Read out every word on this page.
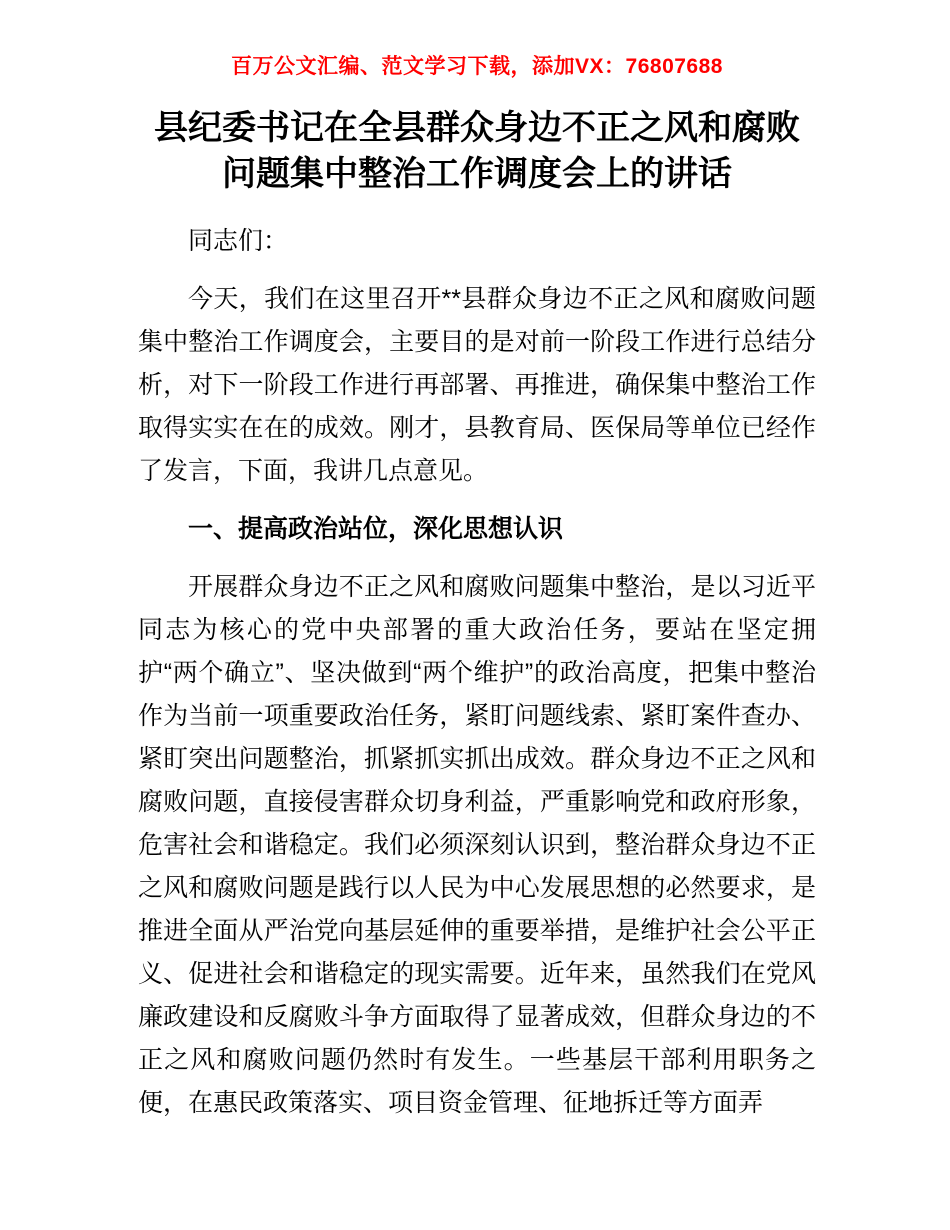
百万公文汇编、范文学习下载，添加VX：76807688
县纪委书记在全县群众身边不正之风和腐败问题集中整治工作调度会上的讲话
同志们：
今天，我们在这里召开**县群众身边不正之风和腐败问题集中整治工作调度会，主要目的是对前一阶段工作进行总结分析，对下一阶段工作进行再部署、再推进，确保集中整治工作取得实实在在的成效。刚才，县教育局、医保局等单位已经作了发言，下面，我讲几点意见。
一、提高政治站位，深化思想认识
开展群众身边不正之风和腐败问题集中整治，是以习近平同志为核心的党中央部署的重大政治任务，要站在坚定拥护“两个确立”、坚决做到“两个维护”的政治高度，把集中整治作为当前一项重要政治任务，紧盯问题线索、紧盯案件查办、紧盯突出问题整治，抓紧抓实抓出成效。群众身边不正之风和腐败问题，直接侵害群众切身利益，严重影响党和政府形象，危害社会和谐稳定。我们必须深刻认识到，整治群众身边不正之风和腐败问题是践行以人民为中心发展思想的必然要求，是推进全面从严治党向基层延伸的重要举措，是维护社会公平正义、促进社会和谐稳定的现实需要。近年来，虽然我们在党风廉政建设和反腐败斗争方面取得了显著成效，但群众身边的不正之风和腐败问题仍然时有发生。一些基层干部利用职务之便，在惠民政策落实、项目资金管理、征地拆迁等方面弄
